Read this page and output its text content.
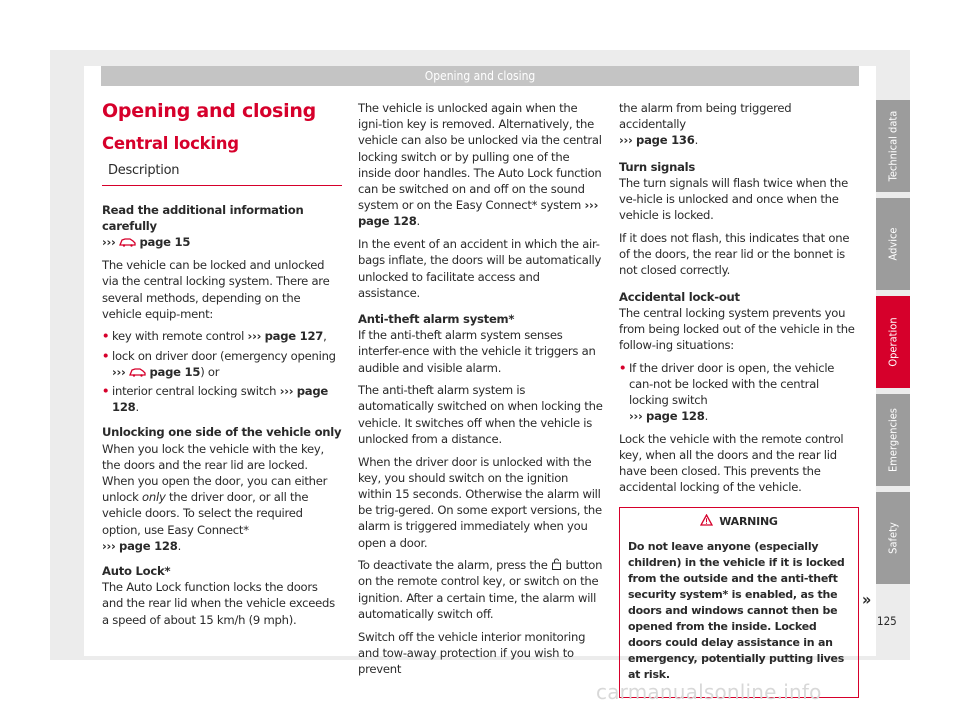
Opening and closing
Opening and closing
Central locking
Description

Read the additional information carefully
››› page 15

The vehicle can be locked and unlocked via the central locking system. There are several methods, depending on the vehicle equip-ment:

• key with remote control ››› page 127,
• lock on driver door (emergency opening
››› page 15) or
• interior central locking switch ››› page 128.

Unlocking one side of the vehicle only

When you lock the vehicle with the key, the doors and the rear lid are locked. When you open the door, you can either unlock only the driver door, or all the vehicle doors. To select the required option, use Easy Connect*
››› page 128.

Auto Lock*

The Auto Lock function locks the doors and the rear lid when the vehicle exceeds a speed of about 15 km/h (9 mph).

The vehicle is unlocked again when the igni-tion key is removed. Alternatively, the vehicle can also be unlocked via the central locking switch or by pulling one of the inside door handles. The Auto Lock function can be switched on and off on the sound system or on the Easy Connect* system ››› page 128.

In the event of an accident in which the air-bags inflate, the doors will be automatically unlocked to facilitate access and assistance.

Anti-theft alarm system*

If the anti-theft alarm system senses interfer-ence with the vehicle it triggers an audible and visible alarm.

The anti-theft alarm system is automatically switched on when locking the vehicle. It switches off when the vehicle is unlocked from a distance.

When the driver door is unlocked with the key, you should switch on the ignition within 15 seconds. Otherwise the alarm will be trig-gered. On some export versions, the alarm is triggered immediately when you open a door.

To deactivate the alarm, press the button on the remote control key, or switch on the ignition. After a certain time, the alarm will automatically switch off.

Switch off the vehicle interior monitoring and tow-away protection if you wish to prevent

the alarm from being triggered accidentally
››› page 136.

Turn signals

The turn signals will flash twice when the ve-hicle is unlocked and once when the vehicle is locked.

If it does not flash, this indicates that one of the doors, the rear lid or the bonnet is not closed correctly.

Accidental lock-out

The central locking system prevents you from being locked out of the vehicle in the follow-ing situations:

• If the driver door is open, the vehicle can-not be locked with the central locking switch
››› page 128.

Lock the vehicle with the remote control key, when all the doors and the rear lid have been closed. This prevents the accidental locking of the vehicle.

WARNING

Do not leave anyone (especially children) in the vehicle if it is locked from the outside and the anti-theft security system* is enabled, as the doors and windows cannot then be opened from the inside. Locked doors could delay assistance in an emergency, potentially putting lives at risk.

»
125
Technical data
Advice
Operation
Emergencies
Safety
carmanualsonline.info
